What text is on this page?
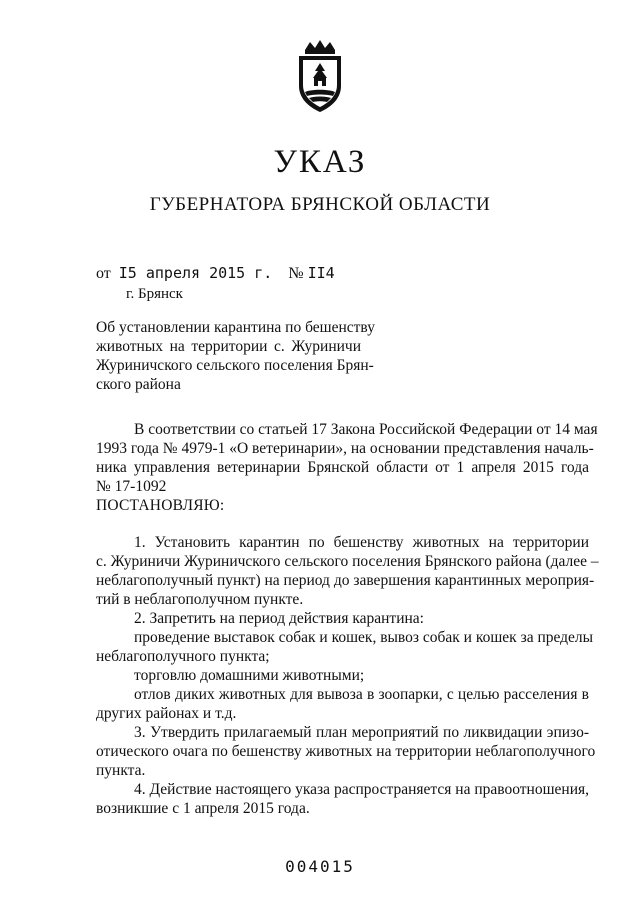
УКАЗ
ГУБЕРНАТОРА БРЯНСКОЙ ОБЛАСТИ
от I5 апреля 2015 г. № II4
г. Брянск
Об установлении карантина по бешенству
животных на территории с. Журиничи
Журиничского сельского поселения Брян-
ского района
В соответствии со статьей 17 Закона Российской Федерации от 14 мая
1993 года № 4979-1 «О ветеринарии», на основании представления началь-
ника управления ветеринарии Брянской области от 1 апреля 2015 года
№ 17-1092
ПОСТАНОВЛЯЮ:
1. Установить карантин по бешенству животных на территории
с. Журиничи Журиничского сельского поселения Брянского района (далее –
неблагополучный пункт) на период до завершения карантинных мероприя-
тий в неблагополучном пункте.
2. Запретить на период действия карантина:
проведение выставок собак и кошек, вывоз собак и кошек за пределы
неблагополучного пункта;
торговлю домашними животными;
отлов диких животных для вывоза в зоопарки, с целью расселения в
других районах и т.д.
3. Утвердить прилагаемый план мероприятий по ликвидации эпизо-
отического очага по бешенству животных на территории неблагополучного
пункта.
4. Действие настоящего указа распространяется на правоотношения,
возникшие с 1 апреля 2015 года.
004015
